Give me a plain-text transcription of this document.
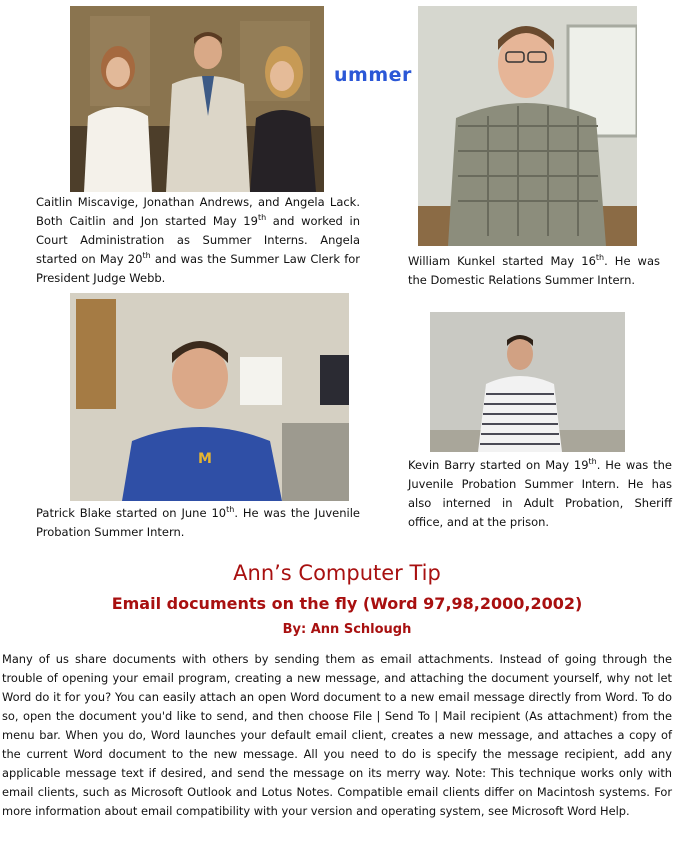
ummer
M
Caitlin Miscavige, Jonathan Andrews, and Angela Lack. Both Caitlin and Jon started May 19th and worked in Court Administration as Summer Interns. Angela started on May 20th and was the Summer Law Clerk for President Judge Webb.
William Kunkel started May 16th. He was the Domestic Relations Summer Intern.
Patrick Blake started on June 10th. He was the Juvenile Probation Summer Intern.
Kevin Barry started on May 19th. He was the Juvenile Probation Summer Intern. He has also interned in Adult Probation, Sheriff office, and at the prison.
Ann’s Computer Tip
Email documents on the fly (Word 97,98,2000,2002)
By: Ann Schlough
Many of us share documents with others by sending them as email attachments. Instead of going through the trouble of opening your email program, creating a new message, and attaching the document yourself, why not let Word do it for you? You can easily attach an open Word document to a new email message directly from Word. To do so, open the document you'd like to send, and then choose File | Send To | Mail recipient (As attachment) from the menu bar. When you do, Word launches your default email client, creates a new message, and attaches a copy of the current Word document to the new message. All you need to do is specify the message recipient, add any applicable message text if desired, and send the message on its merry way. Note: This technique works only with email clients, such as Microsoft Outlook and Lotus Notes. Compatible email clients differ on Macintosh systems. For more information about email compatibility with your version and operating system, see Microsoft Word Help.
